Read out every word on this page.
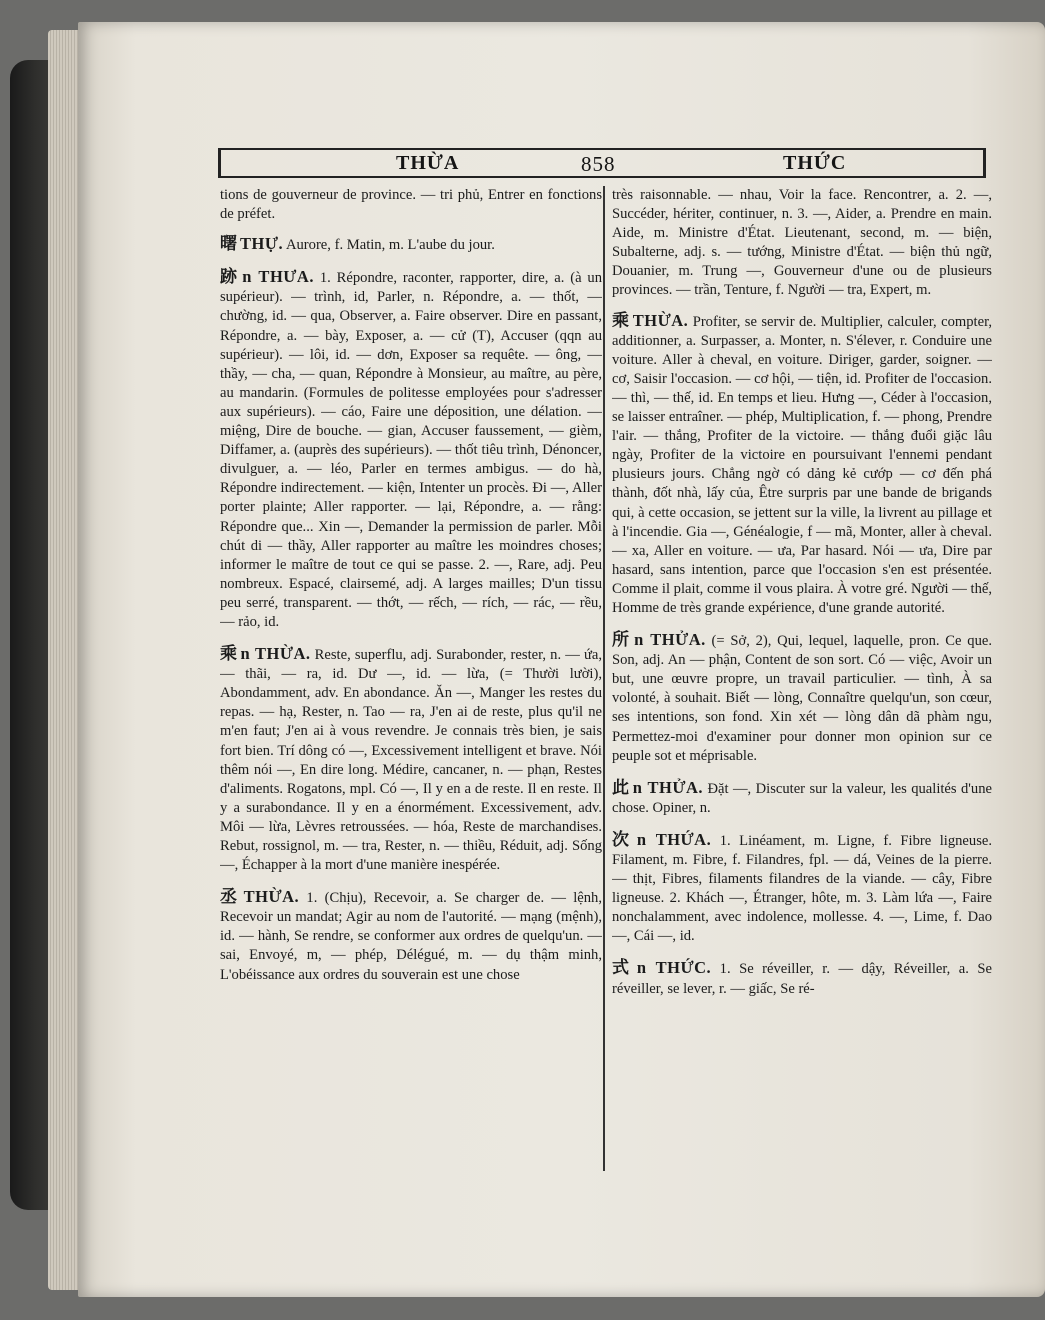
THỪA	858	THỨC
tions de gouverneur de province. — tri phủ, Entrer en fonctions de préfet.
曙 THỰ. Aurore, f. Matin, m. L'aube du jour.
跡 n THƯA. 1. Répondre, raconter, rapporter, dire, a. (à un supérieur). — trình, id, Parler, n. Répondre, a. — thốt, — chường, id. — qua, Observer, a. Faire observer. Dire en passant, Répondre, a. — bày, Exposer, a. — cử (T), Accuser (qqn au supérieur). — lôi, id. — dơn, Exposer sa requête. — ông, — thầy, — cha, — quan, Répondre à Monsieur, au maître, au père, au mandarin. (Formules de politesse employées pour s'adresser aux supérieurs). — cáo, Faire une déposition, une délation. — miệng, Dire de bouche. — gian, Accuser faussement, — gièm, Diffamer, a. (auprès des supérieurs). — thốt tiêu trình, Dénoncer, divulguer, a. — léo, Parler en termes ambigus. — do hà, Répondre indirectement. — kiện, Intenter un procès. Đi —, Aller porter plainte; Aller rapporter. — lại, Répondre, a. — rằng: Répondre que... Xin —, Demander la permission de parler. Mỗi chút di — thầy, Aller rapporter au maître les moindres choses; informer le maître de tout ce qui se passe. 2. —, Rare, adj. Peu nombreux. Espacé, clairsemé, adj. A larges mailles; D'un tissu peu serré, transparent. — thớt, — rếch, — rích, — rác, — rều, — rảo, id.
乘 n THỪA. Reste, superflu, adj. Surabonder, rester, n. — ứa, — thãi, — ra, id. Dư —, id. — lừa, (= Thười lười), Abondamment, adv. En abondance. Ăn —, Manger les restes du repas. — hạ, Rester, n. Tao — ra, J'en ai de reste, plus qu'il ne m'en faut; J'en ai à vous revendre. Je connais très bien, je sais fort bien. Trí dông có —, Excessivement intelligent et brave. Nói thêm nói —, En dire long. Médire, cancaner, n. — phạn, Restes d'aliments. Rogatons, mpl. Có —, Il y en a de reste. Il en reste. Il y a surabondance. Il y en a énormément. Excessivement, adv. Môi — lừa, Lèvres retroussées. — hóa, Reste de marchandises. Rebut, rossignol, m. — tra, Rester, n. — thiều, Réduit, adj. Sống —, Échapper à la mort d'une manière inespérée.
丞 THỪA. 1. (Chịu), Recevoir, a. Se charger de. — lệnh, Recevoir un mandat; Agir au nom de l'autorité. — mạng (mệnh), id. — hành, Se rendre, se conformer aux ordres de quelqu'un. — sai, Envoyé, m, — phép, Délégué, m. — dụ thậm minh, L'obéissance aux ordres du souverain est une chose
très raisonnable. — nhau, Voir la face. Rencontrer, a. 2. —, Succéder, hériter, continuer, n. 3. —, Aider, a. Prendre en main. Aide, m. Ministre d'État. Lieutenant, second, m. — biện, Subalterne, adj. s. — tướng, Ministre d'État. — biện thủ ngữ, Douanier, m. Trung —, Gouverneur d'une ou de plusieurs provinces. — trần, Tenture, f. Người — tra, Expert, m.
乘 THỪA. Profiter, se servir de. Multiplier, calculer, compter, additionner, a. Surpasser, a. Monter, n. S'élever, r. Conduire une voiture. Aller à cheval, en voiture. Diriger, garder, soigner. — cơ, Saisir l'occasion. — cơ hội, — tiện, id. Profiter de l'occasion. — thì, — thế, id. En temps et lieu. Hưng —, Céder à l'occasion, se laisser entraîner. — phép, Multiplication, f. — phong, Prendre l'air. — thắng, Profiter de la victoire. — thắng đuổi giặc lâu ngày, Profiter de la victoire en poursuivant l'ennemi pendant plusieurs jours. Chẳng ngờ có dảng kẻ cướp — cơ đến phá thành, đốt nhà, lấy của, Être surpris par une bande de brigands qui, à cette occasion, se jettent sur la ville, la livrent au pillage et à l'incendie. Gia —, Généalogie, f — mã, Monter, aller à cheval. — xa, Aller en voiture. — ưa, Par hasard. Nói — ưa, Dire par hasard, sans intention, parce que l'occasion s'en est présentée. Comme il plait, comme il vous plaira. À votre gré. Người — thế, Homme de très grande expérience, d'une grande autorité.
所 n THỬA. (= Sở, 2), Qui, lequel, laquelle, pron. Ce que. Son, adj. An — phận, Content de son sort. Có — việc, Avoir un but, une œuvre propre, un travail particulier. — tình, À sa volonté, à souhait. Biết — lòng, Connaître quelqu'un, son cœur, ses intentions, son fond. Xin xét — lòng dân dã phàm ngu, Permettez-moi d'examiner pour donner mon opinion sur ce peuple sot et méprisable.
此 n THỬA. Đặt —, Discuter sur la valeur, les qualités d'une chose. Opiner, n.
次 n THỨA. 1. Linéament, m. Ligne, f. Fibre ligneuse. Filament, m. Fibre, f. Filandres, fpl. — dá, Veines de la pierre. — thịt, Fibres, filaments filandres de la viande. — cây, Fibre ligneuse. 2. Khách —, Étranger, hôte, m. 3. Làm lứa —, Faire nonchalamment, avec indolence, mollesse. 4. —, Lime, f. Dao —, Cái —, id.
式 n THỨC. 1. Se réveiller, r. — dậy, Réveiller, a. Se réveiller, se lever, r. — giấc, Se ré-
